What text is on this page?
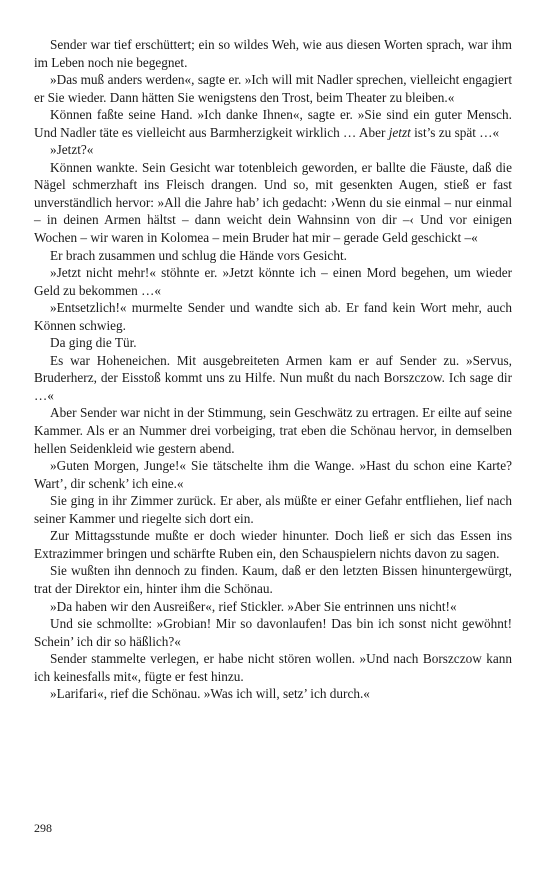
Sender war tief erschüttert; ein so wildes Weh, wie aus diesen Worten sprach, war ihm im Leben noch nie begegnet.

»Das muß anders werden«, sagte er. »Ich will mit Nadler sprechen, vielleicht engagiert er Sie wieder. Dann hätten Sie wenigstens den Trost, beim Theater zu bleiben.«

Können faßte seine Hand. »Ich danke Ihnen«, sagte er. »Sie sind ein guter Mensch. Und Nadler täte es vielleicht aus Barmherzigkeit wirklich … Aber jetzt ist’s zu spät …«

»Jetzt?«

Können wankte. Sein Gesicht war totenbleich geworden, er ballte die Fäuste, daß die Nägel schmerzhaft ins Fleisch drangen. Und so, mit gesenkten Augen, stieß er fast unverständlich hervor: »All die Jahre hab’ ich gedacht: ›Wenn du sie einmal – nur einmal – in deinen Armen hältst – dann weicht dein Wahnsinn von dir –‹ Und vor einigen Wochen – wir waren in Kolomea – mein Bruder hat mir – gerade Geld geschickt –«

Er brach zusammen und schlug die Hände vors Gesicht.

»Jetzt nicht mehr!« stöhnte er. »Jetzt könnte ich – einen Mord begehen, um wieder Geld zu bekommen …«

»Entsetzlich!« murmelte Sender und wandte sich ab. Er fand kein Wort mehr, auch Können schwieg.

Da ging die Tür.

Es war Hoheneichen. Mit ausgebreiteten Armen kam er auf Sender zu. »Servus, Bruderherz, der Eisstoß kommt uns zu Hilfe. Nun mußt du nach Borszczow. Ich sage dir …«

Aber Sender war nicht in der Stimmung, sein Geschwätz zu ertragen. Er eilte auf seine Kammer. Als er an Nummer drei vorbeiging, trat eben die Schönau hervor, in demselben hellen Seidenkleid wie gestern abend.

»Guten Morgen, Junge!« Sie tätschelte ihm die Wange. »Hast du schon eine Karte? Wart’, dir schenk’ ich eine.«

Sie ging in ihr Zimmer zurück. Er aber, als müßte er einer Gefahr entfliehen, lief nach seiner Kammer und riegelte sich dort ein.

Zur Mittagsstunde mußte er doch wieder hinunter. Doch ließ er sich das Essen ins Extrazimmer bringen und schärfte Ruben ein, den Schauspielern nichts davon zu sagen.

Sie wußten ihn dennoch zu finden. Kaum, daß er den letzten Bissen hinuntergewürgt, trat der Direktor ein, hinter ihm die Schönau.

»Da haben wir den Ausreißer«, rief Stickler. »Aber Sie entrinnen uns nicht!«

Und sie schmollte: »Grobian! Mir so davonlaufen! Das bin ich sonst nicht gewöhnt! Schein’ ich dir so häßlich?«

Sender stammelte verlegen, er habe nicht stören wollen. »Und nach Borszczow kann ich keinesfalls mit«, fügte er fest hinzu.

»Larifari«, rief die Schönau. »Was ich will, setz’ ich durch.«

298
